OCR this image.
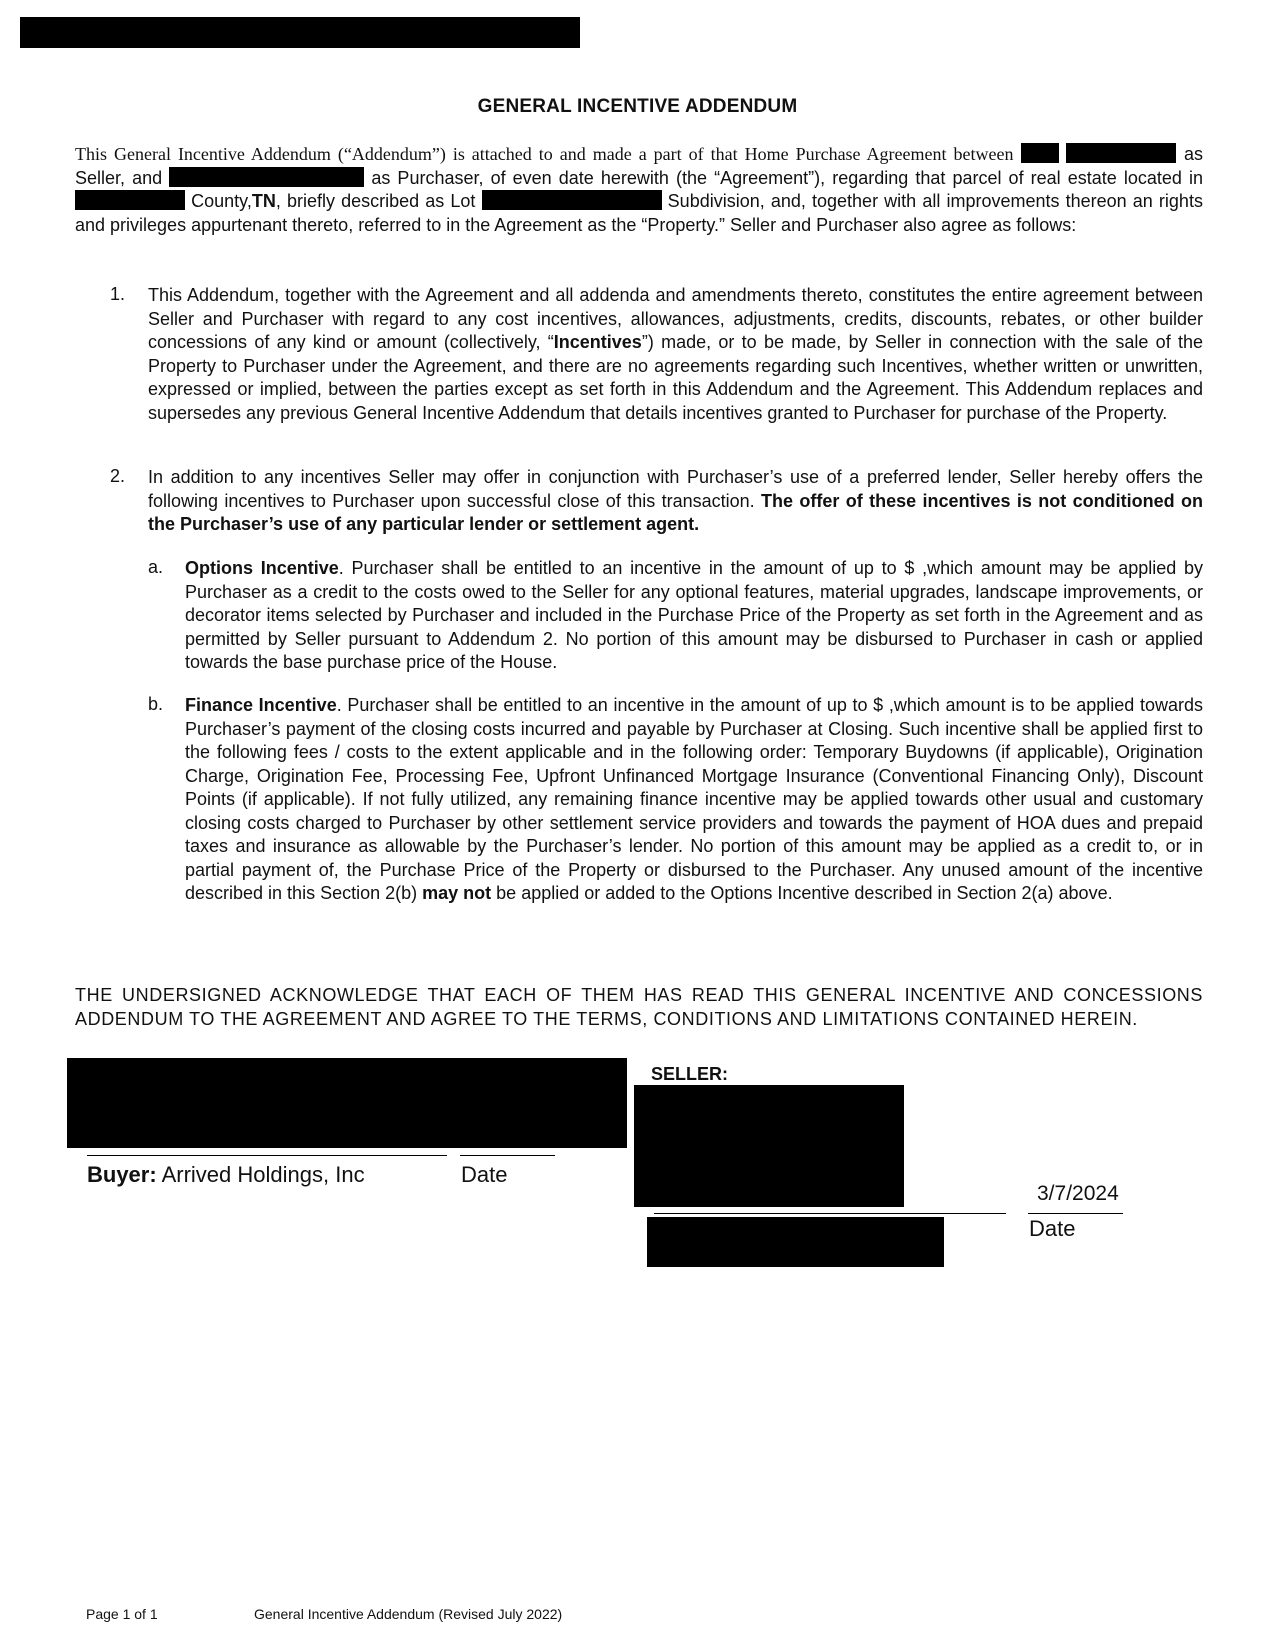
GENERAL INCENTIVE ADDENDUM
This General Incentive Addendum (“Addendum”) is attached to and made a part of that Home Purchase Agreement between	as Seller, and	as Purchaser, of even date herewith (the “Agreement”), regarding that parcel of real estate located in  County,TN, briefly described as Lot	Subdivision, and, together with all improvements thereon an rights and privileges appurtenant thereto, referred to in the Agreement as the “Property.” Seller and Purchaser also agree as follows:
1. This Addendum, together with the Agreement and all addenda and amendments thereto, constitutes the entire agreement between Seller and Purchaser with regard to any cost incentives, allowances, adjustments, credits, discounts, rebates, or other builder concessions of any kind or amount (collectively, “Incentives”) made, or to be made, by Seller in connection with the sale of the Property to Purchaser under the Agreement, and there are no agreements regarding such Incentives, whether written or unwritten, expressed or implied, between the parties except as set forth in this Addendum and the Agreement. This Addendum replaces and supersedes any previous General Incentive Addendum that details incentives granted to Purchaser for purchase of the Property.
2. In addition to any incentives Seller may offer in conjunction with Purchaser’s use of a preferred lender, Seller hereby offers the following incentives to Purchaser upon successful close of this transaction. The offer of these incentives is not conditioned on the Purchaser’s use of any particular lender or settlement agent.
a. Options Incentive. Purchaser shall be entitled to an incentive in the amount of up to $ ,which amount may be applied by Purchaser as a credit to the costs owed to the Seller for any optional features, material upgrades, landscape improvements, or decorator items selected by Purchaser and included in the Purchase Price of the Property as set forth in the Agreement and as permitted by Seller pursuant to Addendum 2. No portion of this amount may be disbursed to Purchaser in cash or applied towards the base purchase price of the House.
b. Finance Incentive. Purchaser shall be entitled to an incentive in the amount of up to $ ,which amount is to be applied towards Purchaser’s payment of the closing costs incurred and payable by Purchaser at Closing. Such incentive shall be applied first to the following fees / costs to the extent applicable and in the following order: Temporary Buydowns (if applicable), Origination Charge, Origination Fee, Processing Fee, Upfront Unfinanced Mortgage Insurance (Conventional Financing Only), Discount Points (if applicable). If not fully utilized, any remaining finance incentive may be applied towards other usual and customary closing costs charged to Purchaser by other settlement service providers and towards the payment of HOA dues and prepaid taxes and insurance as allowable by the Purchaser’s lender. No portion of this amount may be applied as a credit to, or in partial payment of, the Purchase Price of the Property or disbursed to the Purchaser. Any unused amount of the incentive described in this Section 2(b) may not be applied or added to the Options Incentive described in Section 2(a) above.
THE UNDERSIGNED ACKNOWLEDGE THAT EACH OF THEM HAS READ THIS GENERAL INCENTIVE AND CONCESSIONS ADDENDUM TO THE AGREEMENT AND AGREE TO THE TERMS, CONDITIONS AND LIMITATIONS CONTAINED HEREIN.
Buyer: Arrived Holdings, Inc	Date
SELLER:
3/7/2024
Date
Page 1 of 1	General Incentive Addendum (Revised July 2022)
